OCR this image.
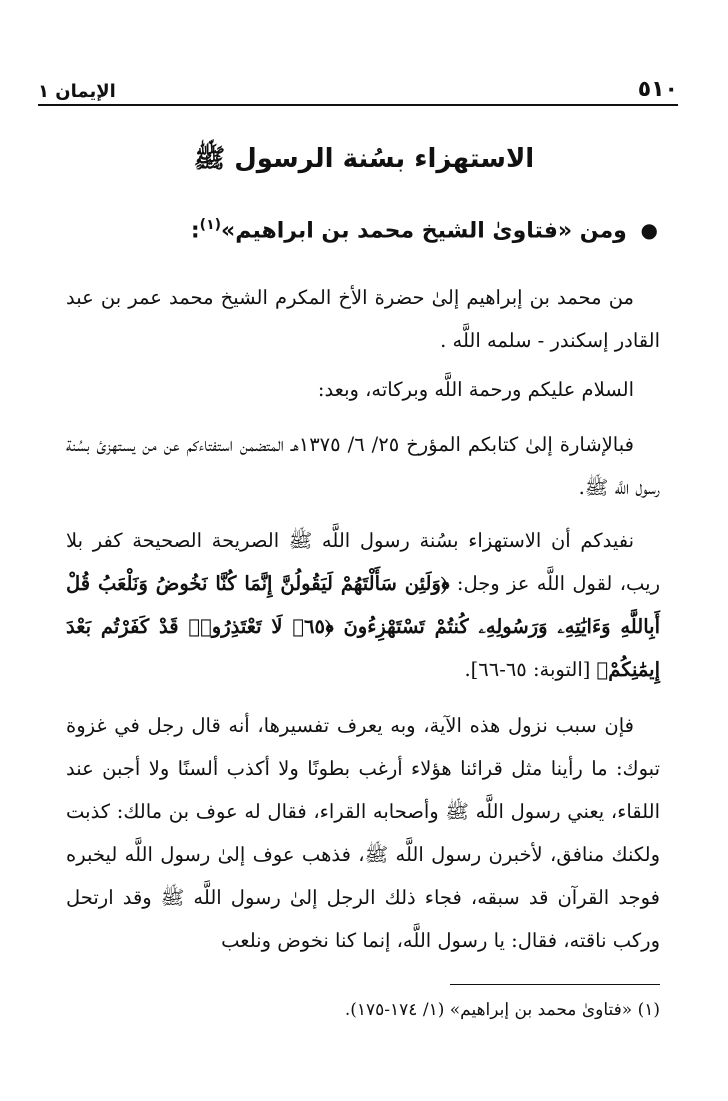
٥١٠
الإيمان ١
الاستهزاء بسُنة الرسول ﷺ
● ومن «فتاوىٰ الشيخ محمد بن ابراهيم»$^{(١)}$:
من محمد بن إبراهيم إلىٰ حضرة الأخ المكرم الشيخ محمد عمر بن عبد القادر إسكندر - سلمه اللَّه .
السلام عليكم ورحمة اللَّه وبركاته، وبعد:
فبالإشارة إلىٰ كتابكم المؤرخ ٢٥/ ٦/ ١٣٧٥هـ المتضمن استفتاءكم عن من يستهزئ بسُنة رسول اللَّه ﷺ.
نفيدكم أن الاستهزاء بسُنة رسول اللَّه ﷺ الصريحة الصحيحة كفر بلا ريب، لقول اللَّه عز وجل: ﴿وَلَئِن سَأَلْتَهُمْ لَيَقُولُنَّ إِنَّمَا كُنَّا نَخُوضُ وَنَلْعَبُ قُلْ أَبِاللَّهِ وَءَايَٰتِهِۦ وَرَسُولِهِۦ كُنتُمْ تَسْتَهْزِءُونَ ﴿٦٥﴾ لَا تَعْتَذِرُوا۟ قَدْ كَفَرْتُم بَعْدَ إِيمَٰنِكُمْ﴾ [التوبة: ٦٥-٦٦].
فإن سبب نزول هذه الآية، وبه يعرف تفسيرها، أنه قال رجل في غزوة تبوك: ما رأينا مثل قرائنا هؤلاء أرغب بطونًا ولا أكذب ألسنًا ولا أجبن عند اللقاء، يعني رسول اللَّه ﷺ وأصحابه القراء، فقال له عوف بن مالك: كذبت ولكنك منافق، لأخبرن رسول اللَّه ﷺ، فذهب عوف إلىٰ رسول اللَّه ليخبره فوجد القرآن قد سبقه، فجاء ذلك الرجل إلىٰ رسول اللَّه ﷺ وقد ارتحل وركب ناقته، فقال: يا رسول اللَّه، إنما كنا نخوض ونلعب
(١) «فتاوىٰ محمد بن إبراهيم» (١/ ١٧٤-١٧٥).
